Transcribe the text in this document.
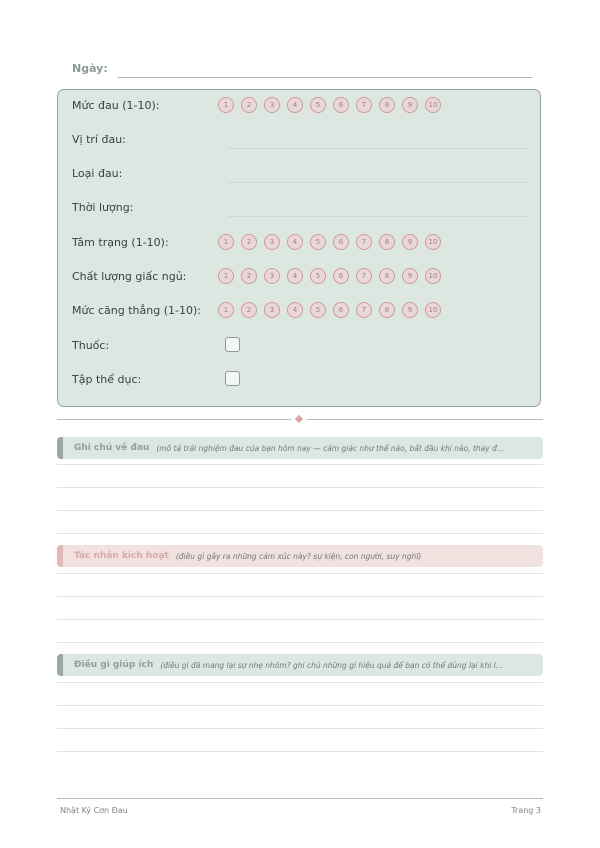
Ngày:
Mức đau (1-10):	1	2	3	4	5	6	7	8	9	10
Vị trí đau:
Loại đau:
Thời lượng:
Tâm trạng (1-10):	1	2	3	4	5	6	7	8	9	10
Chất lượng giấc ngủ:	1	2	3	4	5	6	7	8	9	10
Mức căng thẳng (1-10):	1	2	3	4	5	6	7	8	9	10
Thuốc:
Tập thể dục:
Ghi chú về đau (mô tả trải nghiệm đau của bạn hôm nay — cảm giác như thế nào, bắt đầu khi nào, thay đ...
Tác nhân kích hoạt (điều gì gây ra những cảm xúc này? sự kiện, con người, suy nghĩ)
Điều gì giúp ích (điều gì đã mang lại sự nhẹ nhõm? ghi chú những gì hiệu quả để bạn có thể dùng lại khi l...
Nhật Ký Cơn Đau	Trang 3
